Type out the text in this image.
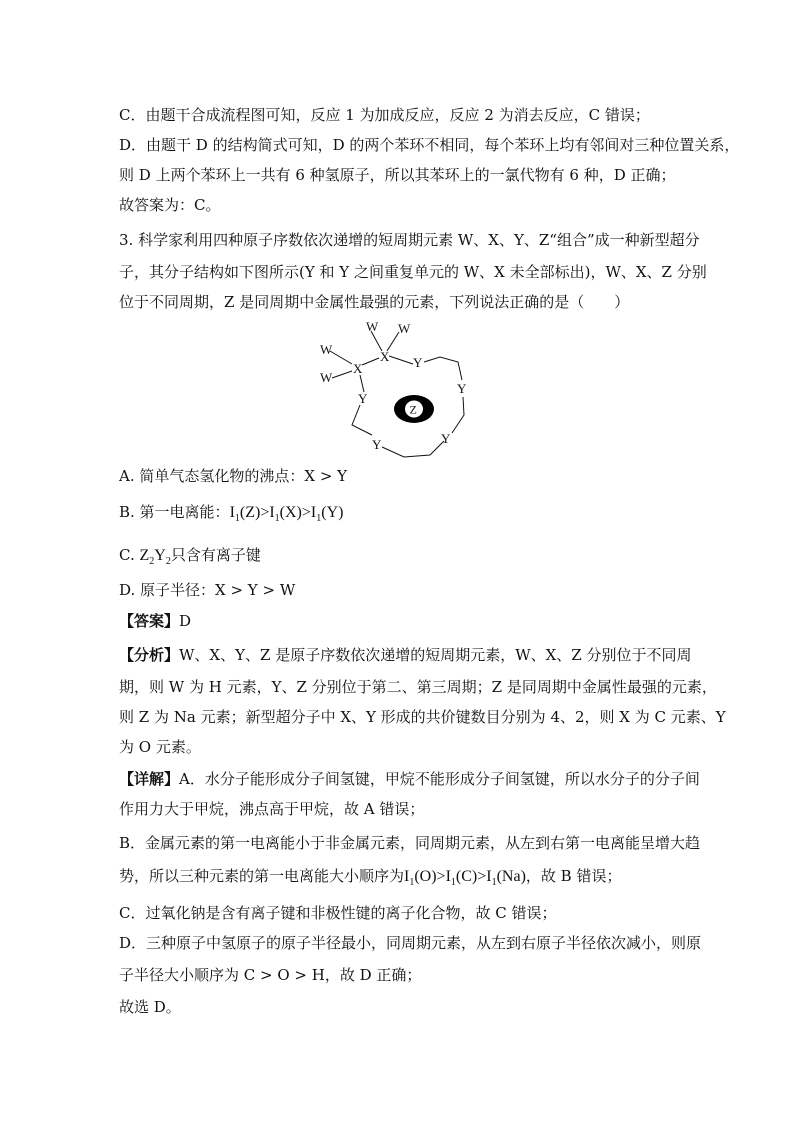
C．由题干合成流程图可知，反应 1 为加成反应，反应 2 为消去反应，C 错误；
D．由题干 D 的结构简式可知，D 的两个苯环不相同，每个苯环上均有邻间对三种位置关系，
则 D 上两个苯环上一共有 6 种氢原子，所以其苯环上的一氯代物有 6 种，D 正确；
故答案为：C。
3. 科学家利用四种原子序数依次递增的短周期元素 W、X、Y、Z“组合”成一种新型超分
子，其分子结构如下图所示(Y 和 Y 之间重复单元的 W、X 未全部标出)，W、X、Z 分别
位于不同周期，Z 是同周期中金属性最强的元素，下列说法正确的是（　　）
W W
W
W
X
X	Y
Y
Y
Y	Y
Z
A. 简单气态氢化物的沸点：X > Y
B. 第一电离能：$I_1(Z)>I_1(X)>I_1(Y)$
C. $Z_2Y_2$只含有离子键
D. 原子半径：X > Y > W
【答案】D
【分析】W、X、Y、Z 是原子序数依次递增的短周期元素，W、X、Z 分别位于不同周
期，则 W 为 H 元素，Y、Z 分别位于第二、第三周期；Z 是同周期中金属性最强的元素，
则 Z 为 Na 元素；新型超分子中 X、Y 形成的共价键数目分别为 4、2，则 X 为 C 元素、Y
为 O 元素。
【详解】A．水分子能形成分子间氢键，甲烷不能形成分子间氢键，所以水分子的分子间
作用力大于甲烷，沸点高于甲烷，故 A 错误；
B．金属元素的第一电离能小于非金属元素，同周期元素，从左到右第一电离能呈增大趋
势，所以三种元素的第一电离能大小顺序为$I_1(O)>I_1(C)>I_1(Na)$，故 B 错误；
C．过氧化钠是含有离子键和非极性键的离子化合物，故 C 错误；
D．三种原子中氢原子的原子半径最小，同周期元素，从左到右原子半径依次减小，则原
子半径大小顺序为 C > O > H，故 D 正确；
故选 D。
